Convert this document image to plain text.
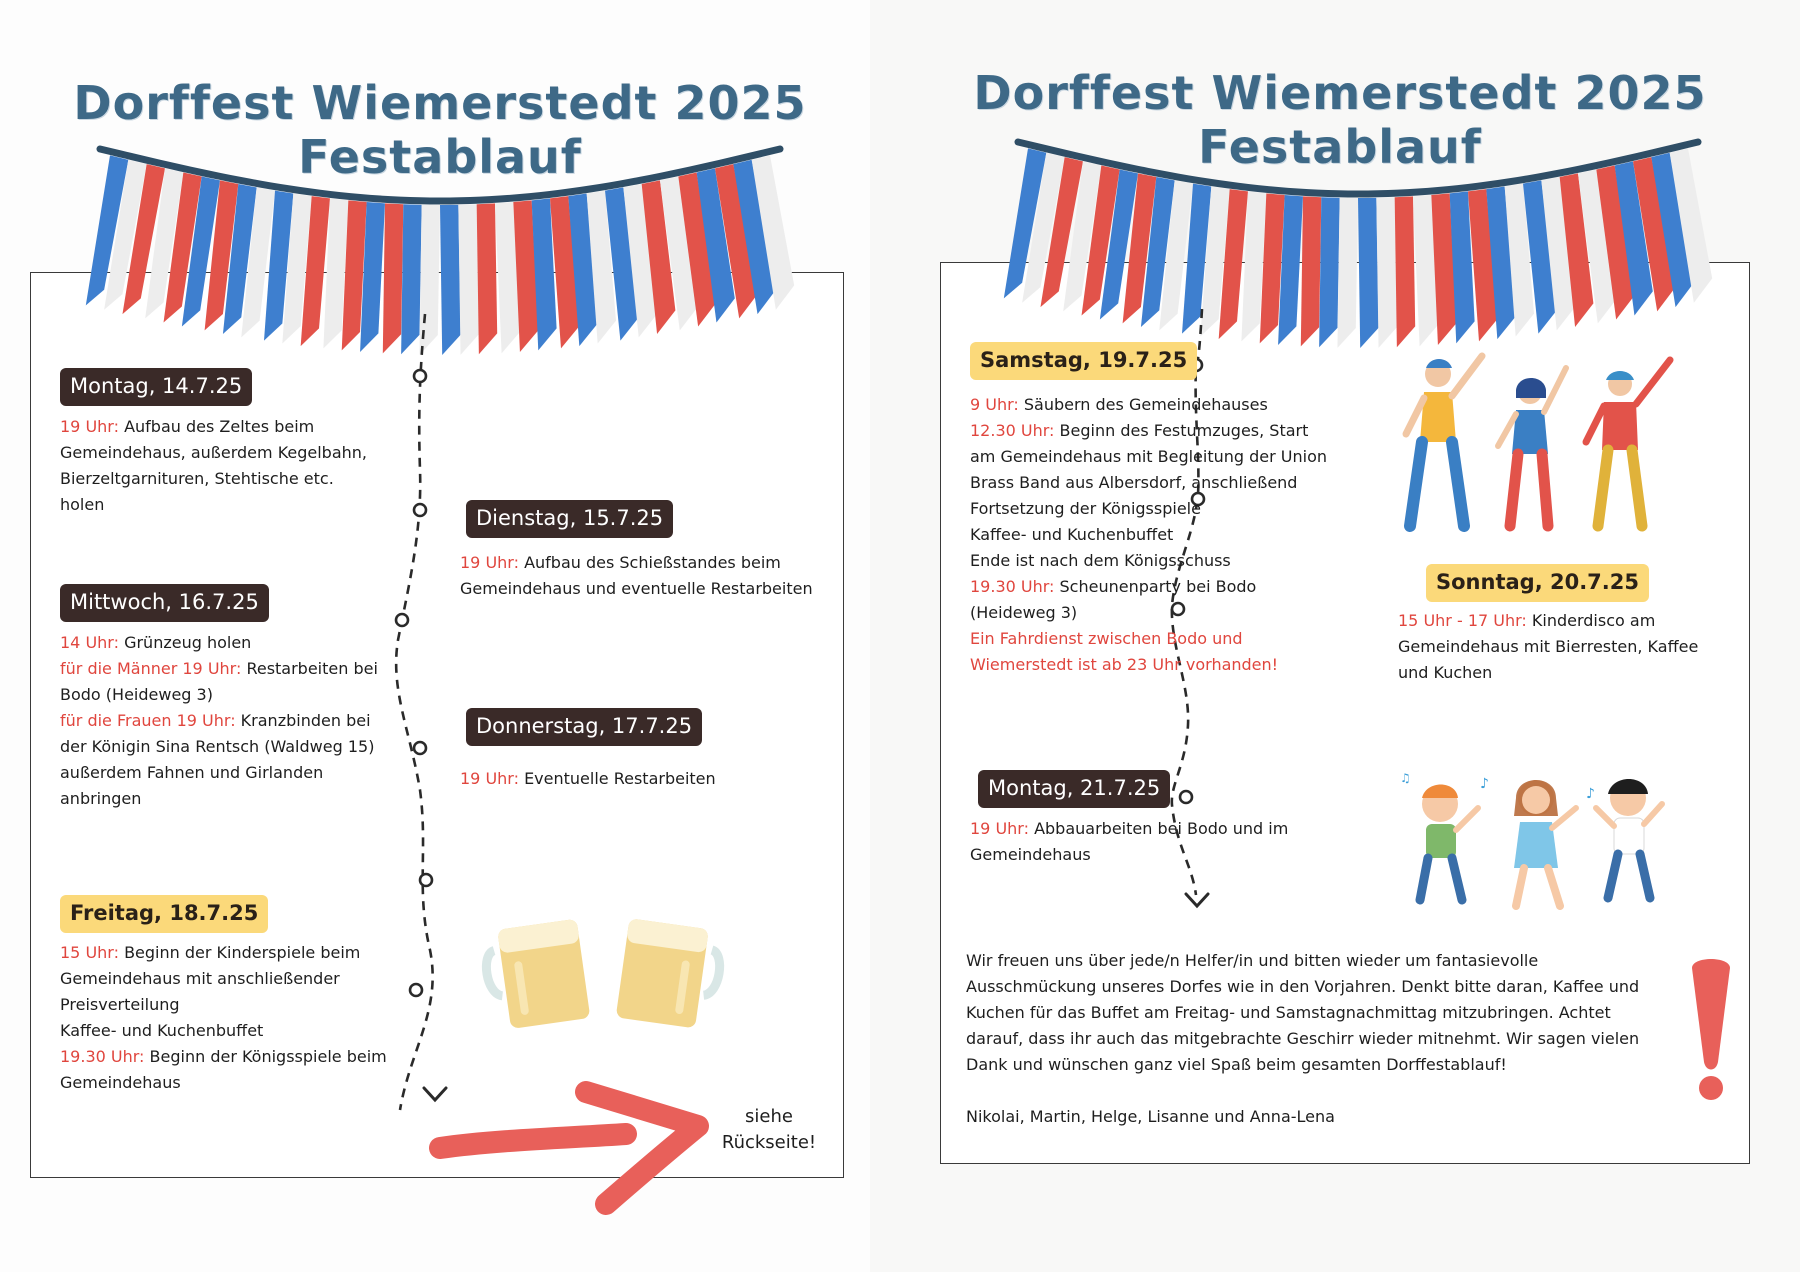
Dorffest Wiemerstedt 2025
Festablauf
Montag, 14.7.25

19 Uhr: Aufbau des Zeltes beim

Gemeindehaus, außerdem Kegelbahn,

Bierzeltgarnituren, Stehtische etc.

holen

Dienstag, 15.7.25

19 Uhr: Aufbau des Schießstandes beim

Gemeindehaus und eventuelle Restarbeiten

Mittwoch, 16.7.25

14 Uhr: Grünzeug holen

für die Männer 19 Uhr: Restarbeiten bei

Bodo (Heideweg 3)

für die Frauen 19 Uhr: Kranzbinden bei

der Königin Sina Rentsch (Waldweg 15)

außerdem Fahnen und Girlanden

anbringen

Donnerstag, 17.7.25

19 Uhr: Eventuelle Restarbeiten

Freitag, 18.7.25

15 Uhr: Beginn der Kinderspiele beim

Gemeindehaus mit anschließender

Preisverteilung

Kaffee- und Kuchenbuffet

19.30 Uhr: Beginn der Königsspiele beim

Gemeindehaus

siehe
Rückseite!
Dorffest Wiemerstedt 2025
Festablauf
Samstag, 19.7.25

9 Uhr: Säubern des Gemeindehauses

12.30 Uhr: Beginn des Festumzuges, Start

am Gemeindehaus mit Begleitung der Union

Brass Band aus Albersdorf, anschließend

Fortsetzung der Königsspiele

Kaffee- und Kuchenbuffet

Ende ist nach dem Königsschuss

19.30 Uhr: Scheunenparty bei Bodo

(Heideweg 3)

Ein Fahrdienst zwischen Bodo und

Wiemerstedt ist ab 23 Uhr vorhanden!

Sonntag, 20.7.25

15 Uhr - 17 Uhr: Kinderdisco am

Gemeindehaus mit Bierresten, Kaffee

und Kuchen

Montag, 21.7.25

19 Uhr: Abbauarbeiten bei Bodo und im

Gemeindehaus

♪
♪
♫
Wir freuen uns über jede/n Helfer/in und bitten wieder um fantasievolle
Ausschmückung unseres Dorfes wie in den Vorjahren. Denkt bitte daran, Kaffee und
Kuchen für das Buffet am Freitag- und Samstagnachmittag mitzubringen. Achtet
darauf, dass ihr auch das mitgebrachte Geschirr wieder mitnehmt. Wir sagen vielen
Dank und wünschen ganz viel Spaß beim gesamten Dorffestablauf!
Nikolai, Martin, Helge, Lisanne und Anna-Lena
